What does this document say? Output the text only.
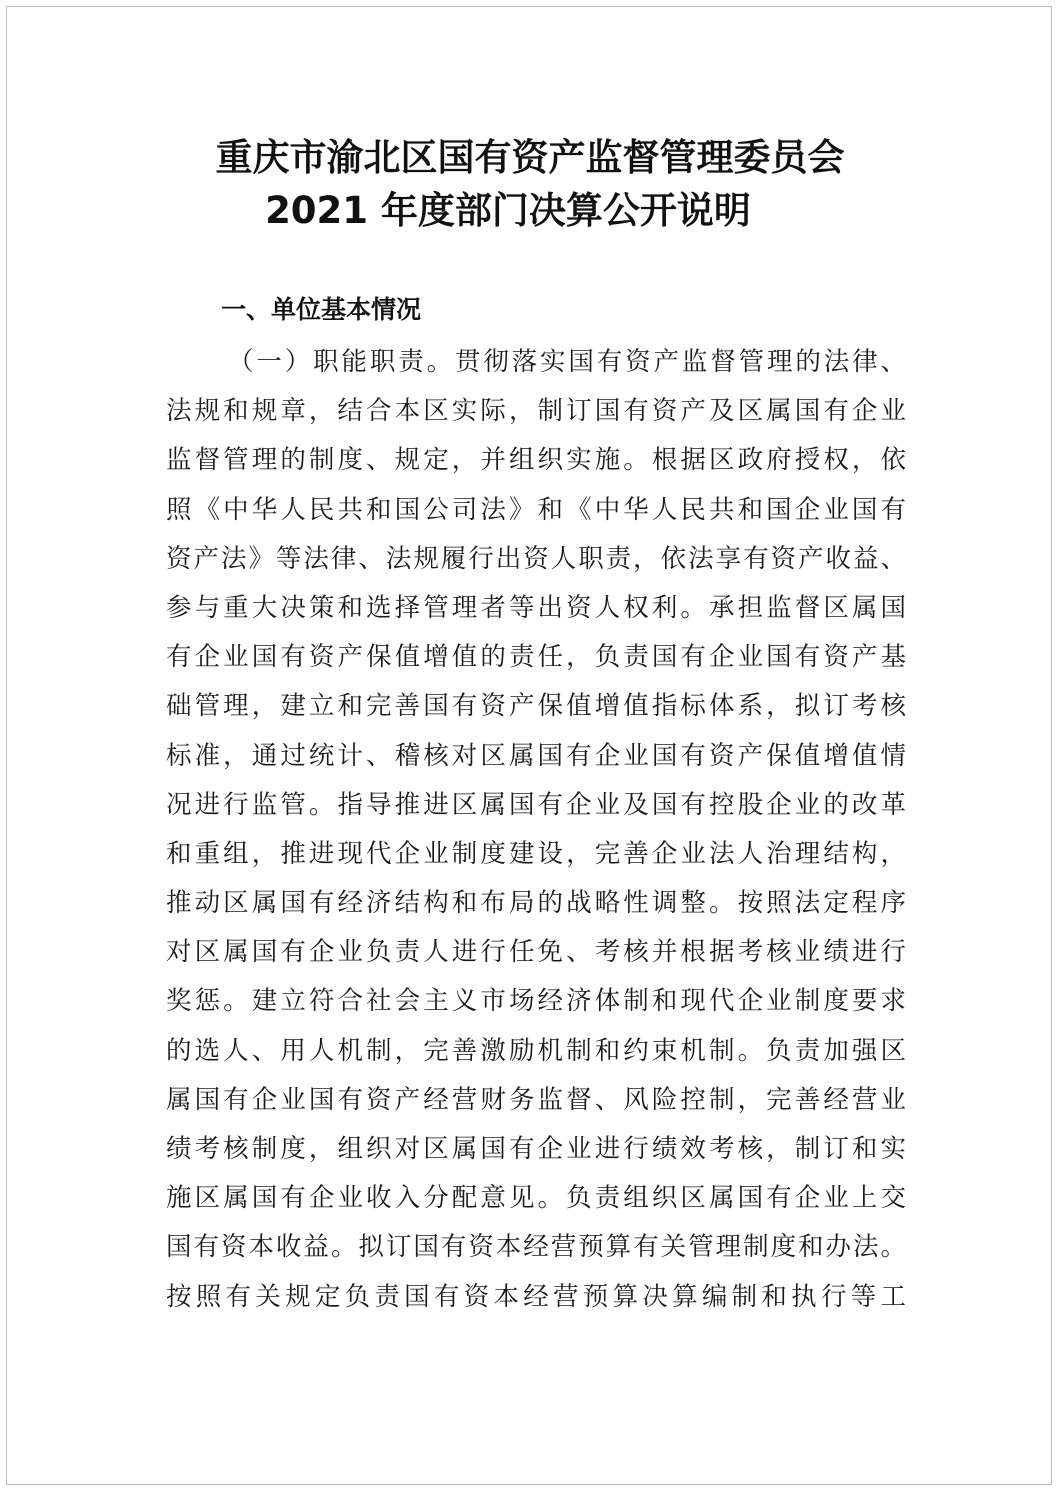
重庆市渝北区国有资产监督管理委员会
2021 年度部门决算公开说明
一、单位基本情况
（一）职能职责。贯彻落实国有资产监督管理的法律、
法规和规章，结合本区实际，制订国有资产及区属国有企业
监督管理的制度、规定，并组织实施。根据区政府授权，依
照《中华人民共和国公司法》和《中华人民共和国企业国有
资产法》等法律、法规履行出资人职责，依法享有资产收益、
参与重大决策和选择管理者等出资人权利。承担监督区属国
有企业国有资产保值增值的责任，负责国有企业国有资产基
础管理，建立和完善国有资产保值增值指标体系，拟订考核
标准，通过统计、稽核对区属国有企业国有资产保值增值情
况进行监管。指导推进区属国有企业及国有控股企业的改革
和重组，推进现代企业制度建设，完善企业法人治理结构，
推动区属国有经济结构和布局的战略性调整。按照法定程序
对区属国有企业负责人进行任免、考核并根据考核业绩进行
奖惩。建立符合社会主义市场经济体制和现代企业制度要求
的选人、用人机制，完善激励机制和约束机制。负责加强区
属国有企业国有资产经营财务监督、风险控制，完善经营业
绩考核制度，组织对区属国有企业进行绩效考核，制订和实
施区属国有企业收入分配意见。负责组织区属国有企业上交
国有资本收益。拟订国有资本经营预算有关管理制度和办法。
按照有关规定负责国有资本经营预算决算编制和执行等工
